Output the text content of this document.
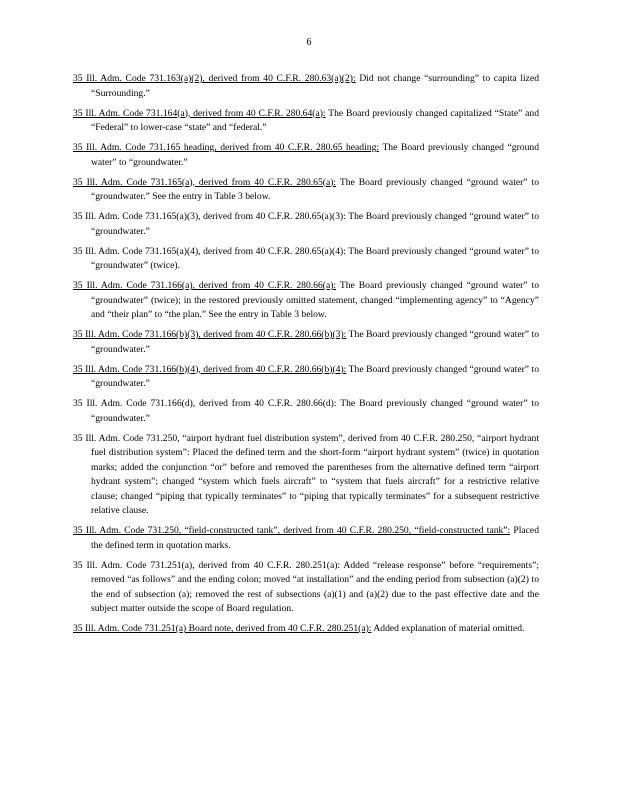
6

35 Ill. Adm. Code 731.163(a)(2), derived from 40 C.F.R. 280.63(a)(2): Did not change “surrounding” to capita lized “Surrounding.”

35 Ill. Adm. Code 731.164(a), derived from 40 C.F.R. 280.64(a): The Board previously changed capitalized “State” and “Federal” to lower-case “state” and “federal.”

35 Ill. Adm. Code 731.165 heading, derived from 40 C.F.R. 280.65 heading: The Board previously changed “ground water” to “groundwater.”

35 Ill. Adm. Code 731.165(a), derived from 40 C.F.R. 280.65(a): The Board previously changed “ground water” to “groundwater.” See the entry in Table 3 below.

35 Ill. Adm. Code 731.165(a)(3), derived from 40 C.F.R. 280.65(a)(3): The Board previously changed “ground water” to “groundwater.”

35 Ill. Adm. Code 731.165(a)(4), derived from 40 C.F.R. 280.65(a)(4): The Board previously changed “ground water” to “groundwater” (twice).

35 Ill. Adm. Code 731.166(a), derived from 40 C.F.R. 280.66(a): The Board previously changed “ground water” to “groundwater” (twice); in the restored previously omitted statement, changed “implementing agency” to “Agency” and “their plan” to “the plan.” See the entry in Table 3 below.

35 Ill. Adm. Code 731.166(b)(3), derived from 40 C.F.R. 280.66(b)(3): The Board previously changed “ground water” to “groundwater.”

35 Ill. Adm. Code 731.166(b)(4), derived from 40 C.F.R. 280.66(b)(4): The Board previously changed “ground water” to “groundwater.”

35 Ill. Adm. Code 731.166(d), derived from 40 C.F.R. 280.66(d): The Board previously changed “ground water” to “groundwater.”

35 Ill. Adm. Code 731.250, “airport hydrant fuel distribution system”, derived from 40 C.F.R. 280.250, “airport hydrant fuel distribution system”: Placed the defined term and the short-form “airport hydrant system” (twice) in quotation marks; added the conjunction “or” before and removed the parentheses from the alternative defined term “airport hydrant system”; changed “system which fuels aircraft” to “system that fuels aircraft” for a restrictive relative clause; changed “piping that typically terminates” to “piping that typically terminates” for a subsequent restrictive relative clause.

35 Ill. Adm. Code 731.250, “field-constructed tank”, derived from 40 C.F.R. 280.250, “field-constructed tank”: Placed the defined term in quotation marks.

35 Ill. Adm. Code 731.251(a), derived from 40 C.F.R. 280.251(a): Added “release response” before “requirements”; removed “as follows” and the ending colon; moved “at installation” and the ending period from subsection (a)(2) to the end of subsection (a); removed the rest of subsections (a)(1) and (a)(2) due to the past effective date and the subject matter outside the scope of Board regulation.

35 Ill. Adm. Code 731.251(a) Board note, derived from 40 C.F.R. 280.251(a): Added explanation of material omitted.
